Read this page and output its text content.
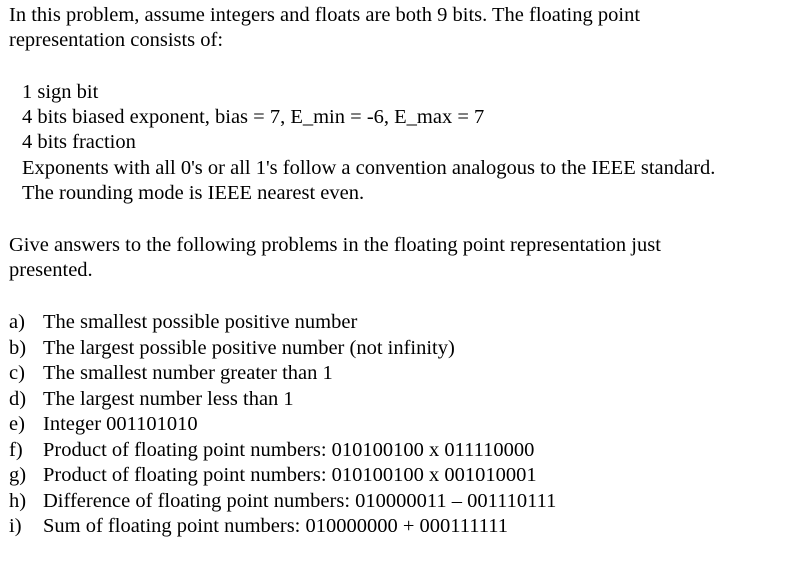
In this problem, assume integers and floats are both 9 bits. The floating point
representation consists of:
1 sign bit
4 bits biased exponent, bias = 7, E_min = -6, E_max = 7
4 bits fraction
Exponents with all 0's or all 1's follow a convention analogous to the IEEE standard.
The rounding mode is IEEE nearest even.
Give answers to the following problems in the floating point representation just
presented.
a) The smallest possible positive number
b) The largest possible positive number (not infinity)
c) The smallest number greater than 1
d) The largest number less than 1
e) Integer 001101010
f) Product of floating point numbers: 010100100 x 011110000
g) Product of floating point numbers: 010100100 x 001010001
h) Difference of floating point numbers: 010000011 – 001110111
i) Sum of floating point numbers: 010000000 + 000111111
